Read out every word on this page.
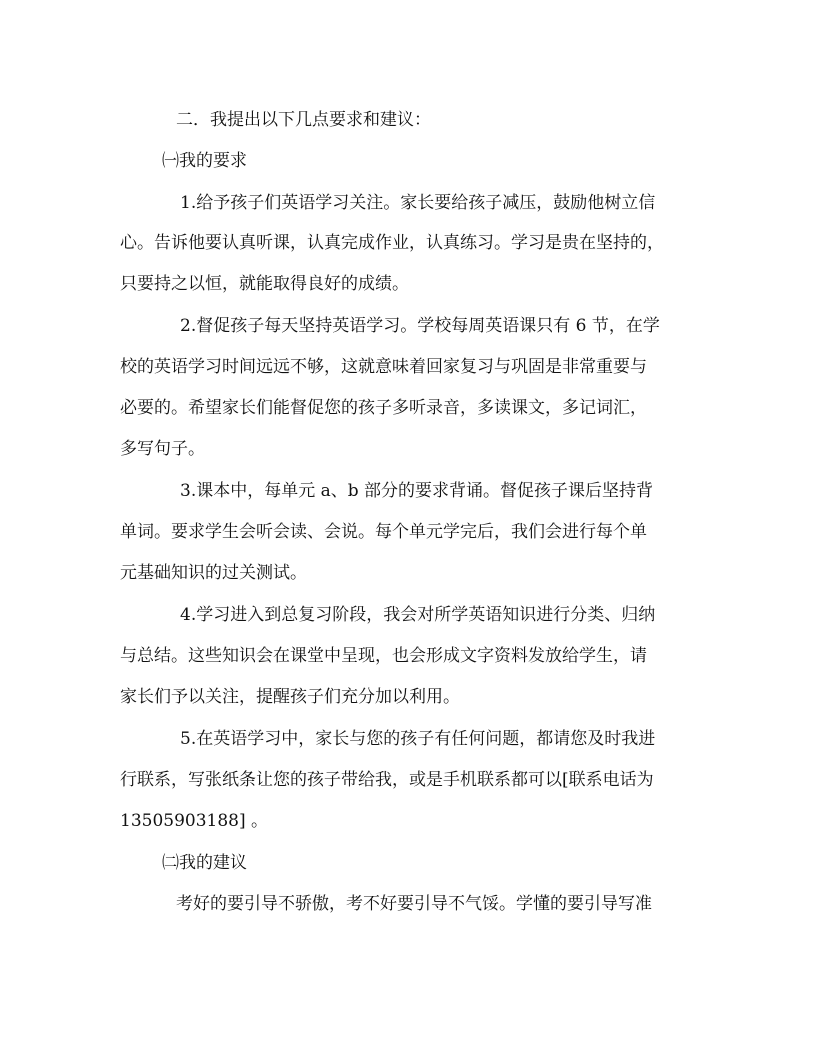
二．我提出以下几点要求和建议：

㈠我的要求

1.给予孩子们英语学习关注。家长要给孩子减压，鼓励他树立信

心。告诉他要认真听课，认真完成作业，认真练习。学习是贵在坚持的，

只要持之以恒，就能取得良好的成绩。

2.督促孩子每天坚持英语学习。学校每周英语课只有 6 节，在学

校的英语学习时间远远不够，这就意味着回家复习与巩固是非常重要与

必要的。希望家长们能督促您的孩子多听录音，多读课文，多记词汇，

多写句子。

3.课本中，每单元 a、b 部分的要求背诵。督促孩子课后坚持背

单词。要求学生会听会读、会说。每个单元学完后，我们会进行每个单

元基础知识的过关测试。

4.学习进入到总复习阶段，我会对所学英语知识进行分类、归纳

与总结。这些知识会在课堂中呈现，也会形成文字资料发放给学生，请

家长们予以关注，提醒孩子们充分加以利用。

5.在英语学习中，家长与您的孩子有任何问题，都请您及时我进

行联系，写张纸条让您的孩子带给我，或是手机联系都可以[联系电话为

13505903188] 。

㈡我的建议

考好的要引导不骄傲，考不好要引导不气馁。学懂的要引导写准
